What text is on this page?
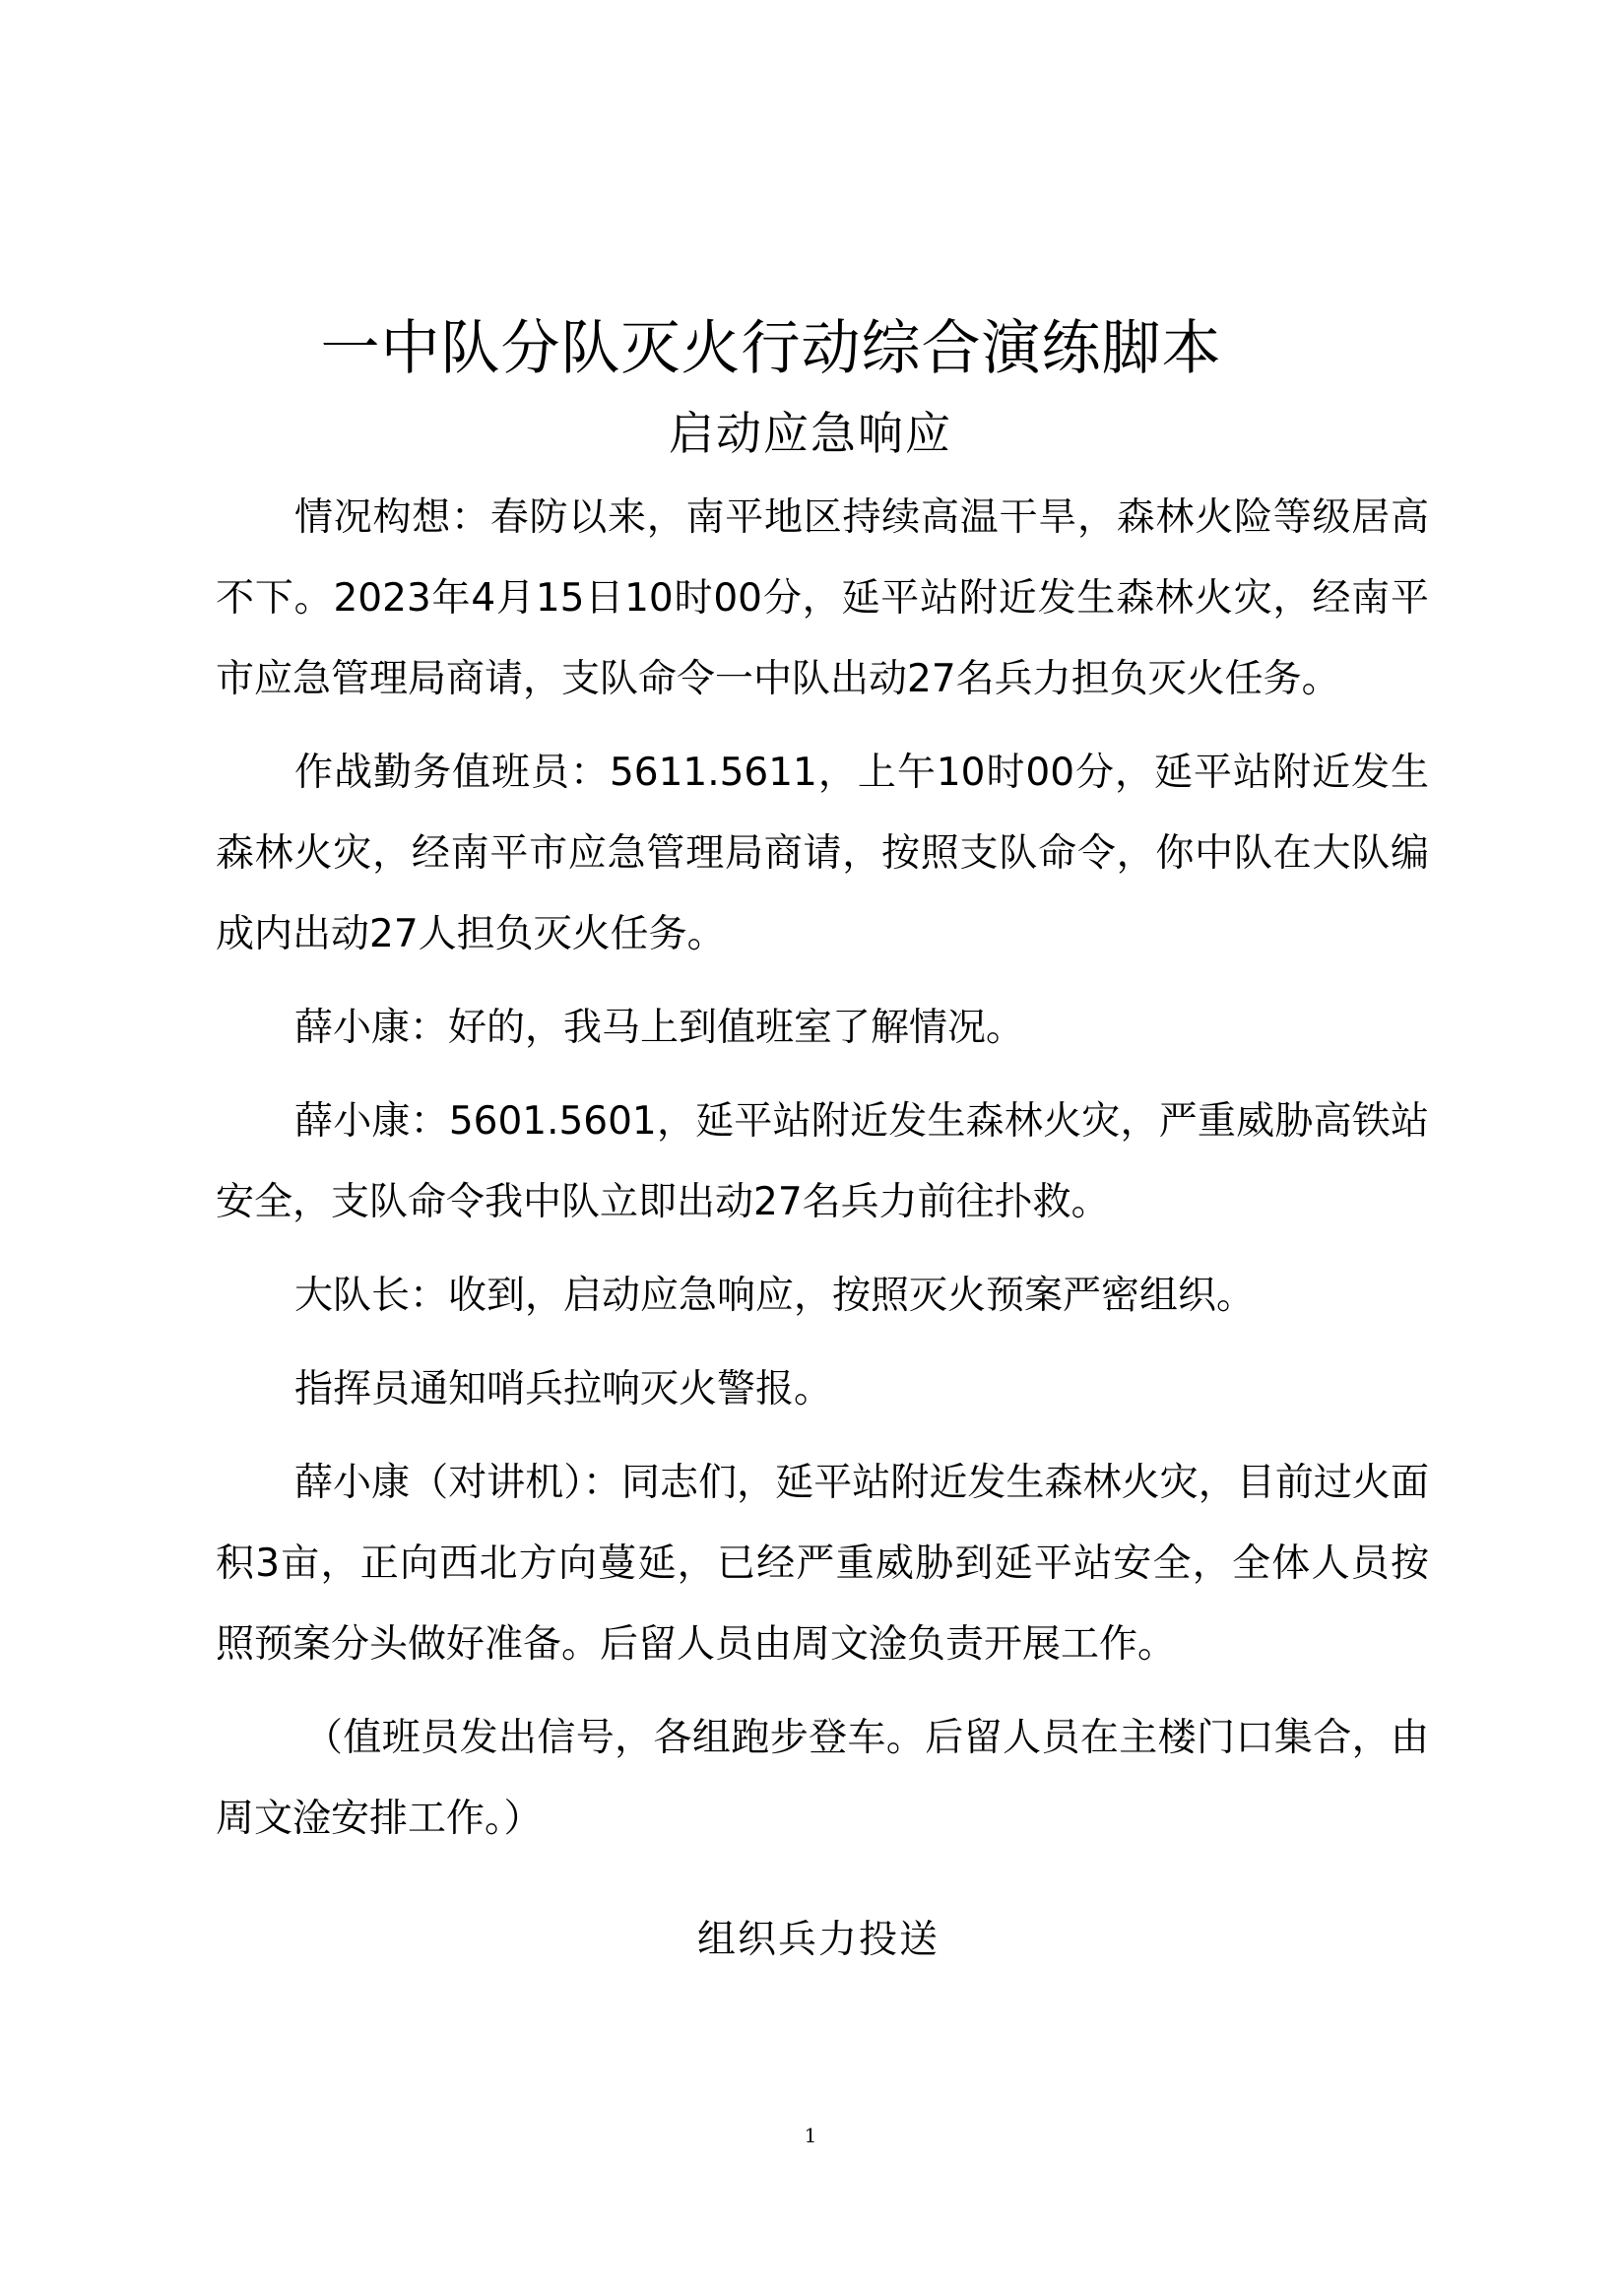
一中队分队灭火行动综合演练脚本
启动应急响应

情况构想：春防以来，南平地区持续高温干旱，森林火险等级居高不下。2023年4月15日10时00分，延平站附近发生森林火灾，经南平市应急管理局商请，支队命令一中队出动27名兵力担负灭火任务。

作战勤务值班员：5611.5611，上午10时00分，延平站附近发生森林火灾，经南平市应急管理局商请，按照支队命令，你中队在大队编成内出动27人担负灭火任务。

薛小康：好的，我马上到值班室了解情况。

薛小康：5601.5601，延平站附近发生森林火灾，严重威胁高铁站安全，支队命令我中队立即出动27名兵力前往扑救。

大队长：收到，启动应急响应，按照灭火预案严密组织。

指挥员通知哨兵拉响灭火警报。

薛小康（对讲机）：同志们，延平站附近发生森林火灾，目前过火面积3亩，正向西北方向蔓延，已经严重威胁到延平站安全，全体人员按照预案分头做好准备。后留人员由周文淦负责开展工作。

（值班员发出信号，各组跑步登车。后留人员在主楼门口集合，由周文淦安排工作。）

组织兵力投送
1
